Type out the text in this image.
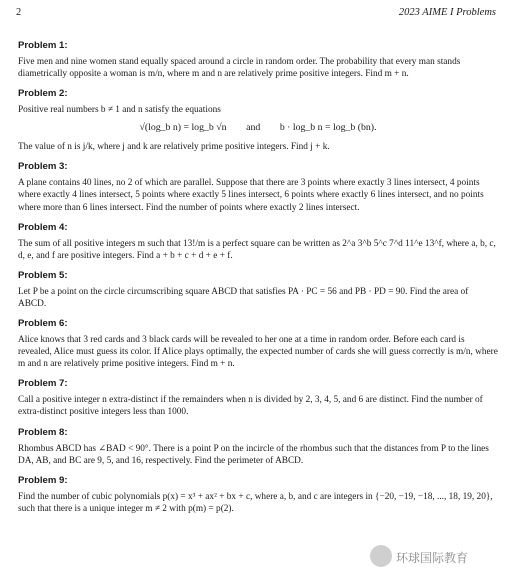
2	2023 AIME I Problems
Problem 1:

Five men and nine women stand equally spaced around a circle in random order. The probability that every man stands diametrically opposite a woman is m/n, where m and n are relatively prime positive integers. Find m + n.

Problem 2:

Positive real numbers b ≠ 1 and n satisfy the equations

√(log_b n) = log_b √n        and        b · log_b n = log_b (bn).

The value of n is j/k, where j and k are relatively prime positive integers. Find j + k.

Problem 3:

A plane contains 40 lines, no 2 of which are parallel. Suppose that there are 3 points where exactly 3 lines intersect, 4 points where exactly 4 lines intersect, 5 points where exactly 5 lines intersect, 6 points where exactly 6 lines intersect, and no points where more than 6 lines intersect. Find the number of points where exactly 2 lines intersect.

Problem 4:

The sum of all positive integers m such that 13!/m is a perfect square can be written as 2^a 3^b 5^c 7^d 11^e 13^f, where a, b, c, d, e, and f are positive integers. Find a + b + c + d + e + f.

Problem 5:

Let P be a point on the circle circumscribing square ABCD that satisfies PA · PC = 56 and PB · PD = 90. Find the area of ABCD.

Problem 6:

Alice knows that 3 red cards and 3 black cards will be revealed to her one at a time in random order. Before each card is revealed, Alice must guess its color. If Alice plays optimally, the expected number of cards she will guess correctly is m/n, where m and n are relatively prime positive integers. Find m + n.

Problem 7:

Call a positive integer n extra-distinct if the remainders when n is divided by 2, 3, 4, 5, and 6 are distinct. Find the number of extra-distinct positive integers less than 1000.

Problem 8:

Rhombus ABCD has ∠BAD < 90°. There is a point P on the incircle of the rhombus such that the distances from P to the lines DA, AB, and BC are 9, 5, and 16, respectively. Find the perimeter of ABCD.

Problem 9:

Find the number of cubic polynomials p(x) = x³ + ax² + bx + c, where a, b, and c are integers in {−20, −19, −18, ..., 18, 19, 20}, such that there is a unique integer m ≠ 2 with p(m) = p(2).

环球国际教育
